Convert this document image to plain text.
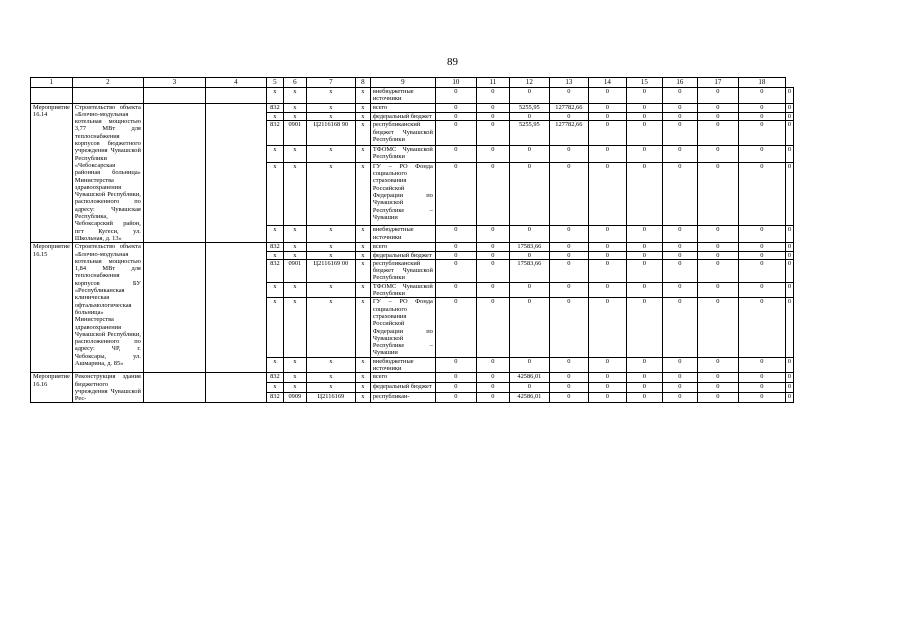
89
1	2	3	4	5	6	7	8	9	10	11	12	13	14	15	16	17	18	
				х	х	х	х	внебюджетные источники	0	0	0	0	0	0	0	0	0	0
Мероприятие 16.14	Строительство объекта «Блочно-модульная котельная мощностью 3,77 МВт для теплоснабжения корпусов бюджетного учреждения Чувашской Республики «Чебоксарская районная больница» Министерства здравоохранения Чувашской Республики, расположенного по адресу: Чувашская Республика, Чебоксарский район, пгт Кугеси, ул. Школьная, д. 13»			832	х	х	х	всего	0	0	5255,95	127782,66	0	0	0	0	0	0
				х	х	х	х	федеральный бюджет	0	0	0	0	0	0	0	0	0	0
				832	0901	Ц2116168 90	х	республиканский бюджет Чувашской Республики	0	0	5255,95	127782,66	0	0	0	0	0	0
				х	х	х	х	ТФОМС Чувашской Республики	0	0	0	0	0	0	0	0	0	0
				х	х	х	х	ГУ – РО Фонда социального страхования Российской Федерации по Чувашской Республике – Чувашии	0	0	0	0	0	0	0	0	0	0
				х	х	х	х	внебюджетные источники	0	0	0	0	0	0	0	0	0	0
Мероприятие 16.15	Строительство объекта «Блочно-модульная котельная мощностью 1,84 МВт для теплоснабжения корпусов БУ «Республиканская клиническая офтальмологическая больница» Министерства здравоохранения Чувашской Республики, расположенного по адресу: ЧР, г. Чебоксары, ул. Ашмарина, д. 85»			832	х	х	х	всего	0	0	17583,66	0	0	0	0	0	0	0
				х	х	х	х	федеральный бюджет	0	0	0	0	0	0	0	0	0	0
				832	0901	Ц2116169 00	х	республиканский бюджет Чувашской Республики	0	0	17583,66	0	0	0	0	0	0	0
				х	х	х	х	ТФОМС Чувашской Республики	0	0	0	0	0	0	0	0	0	0
				х	х	х	х	ГУ – РО Фонда социального страхования Российской Федерации по Чувашской Республике – Чувашии	0	0	0	0	0	0	0	0	0	0
				х	х	х	х	внебюджетные источники	0	0	0	0	0	0	0	0	0	0
Мероприятие 16.16	Реконструкция здания бюджетного учреждения Чувашской Рес-			832	х	х	х	всего	0	0	42586,01	0	0	0	0	0	0	0
				х	х	х	х	федеральный бюджет	0	0	0	0	0	0	0	0	0	0
				832	0909	Ц2116169	х	республикан-	0	0	42586,01	0	0	0	0	0	0	0
